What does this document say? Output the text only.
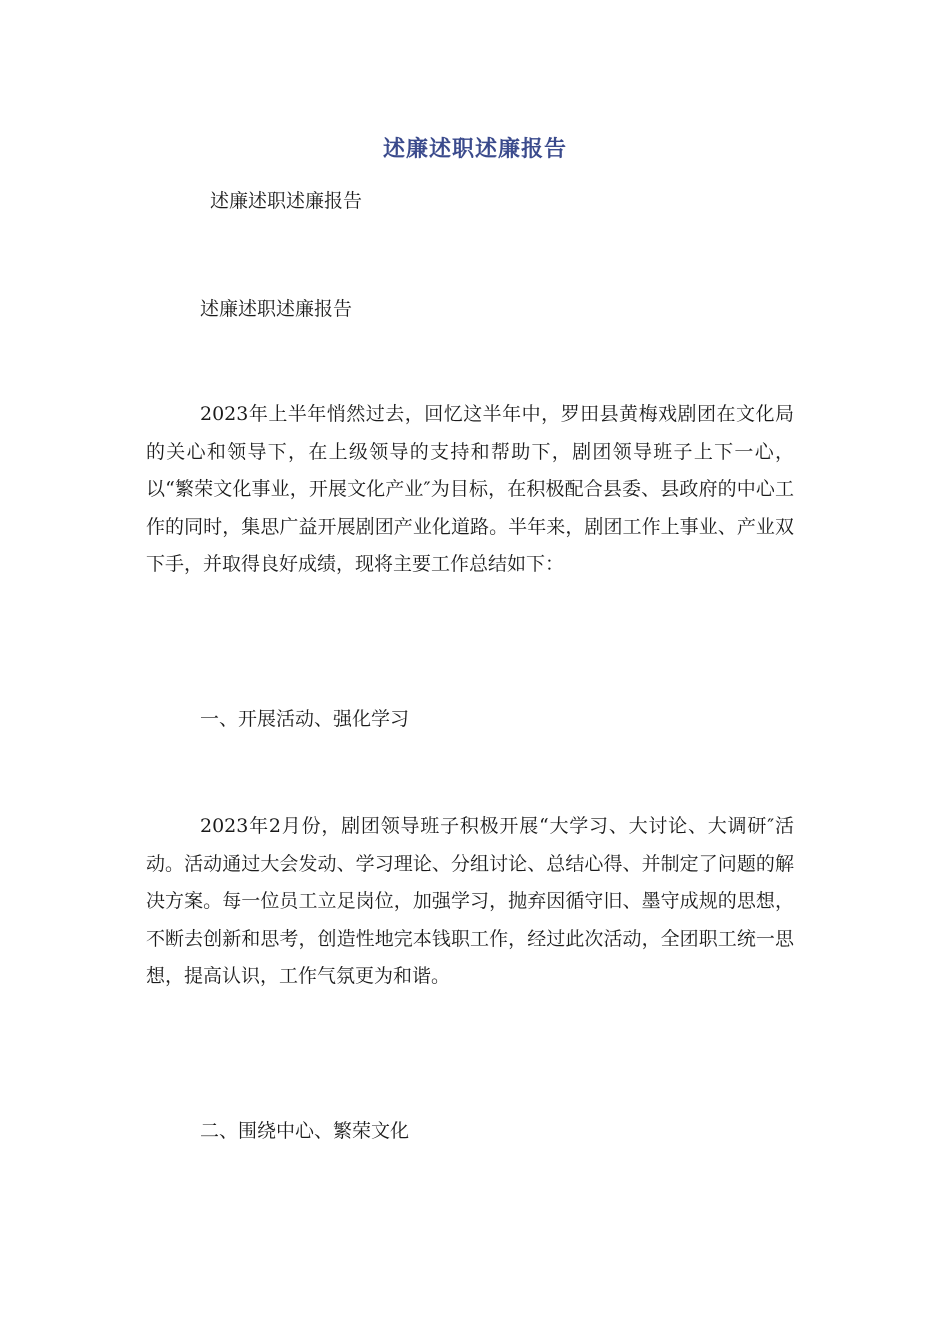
述廉述职述廉报告
述廉述职述廉报告
述廉述职述廉报告

2023年上半年悄然过去，回忆这半年中，罗田县黄梅戏剧团在文化局的关心和领导下，在上级领导的支持和帮助下，剧团领导班子上下一心，以“繁荣文化事业，开展文化产业″为目标，在积极配合县委、县政府的中心工作的同时，集思广益开展剧团产业化道路。半年来，剧团工作上事业、产业双下手，并取得良好成绩，现将主要工作总结如下：

一、开展活动、强化学习

2023年2月份，剧团领导班子积极开展“大学习、大讨论、大调研″活动。活动通过大会发动、学习理论、分组讨论、总结心得、并制定了问题的解决方案。每一位员工立足岗位，加强学习，抛弃因循守旧、墨守成规的思想，不断去创新和思考，创造性地完本钱职工作，经过此次活动，全团职工统一思想，提高认识，工作气氛更为和谐。

二、围绕中心、繁荣文化
